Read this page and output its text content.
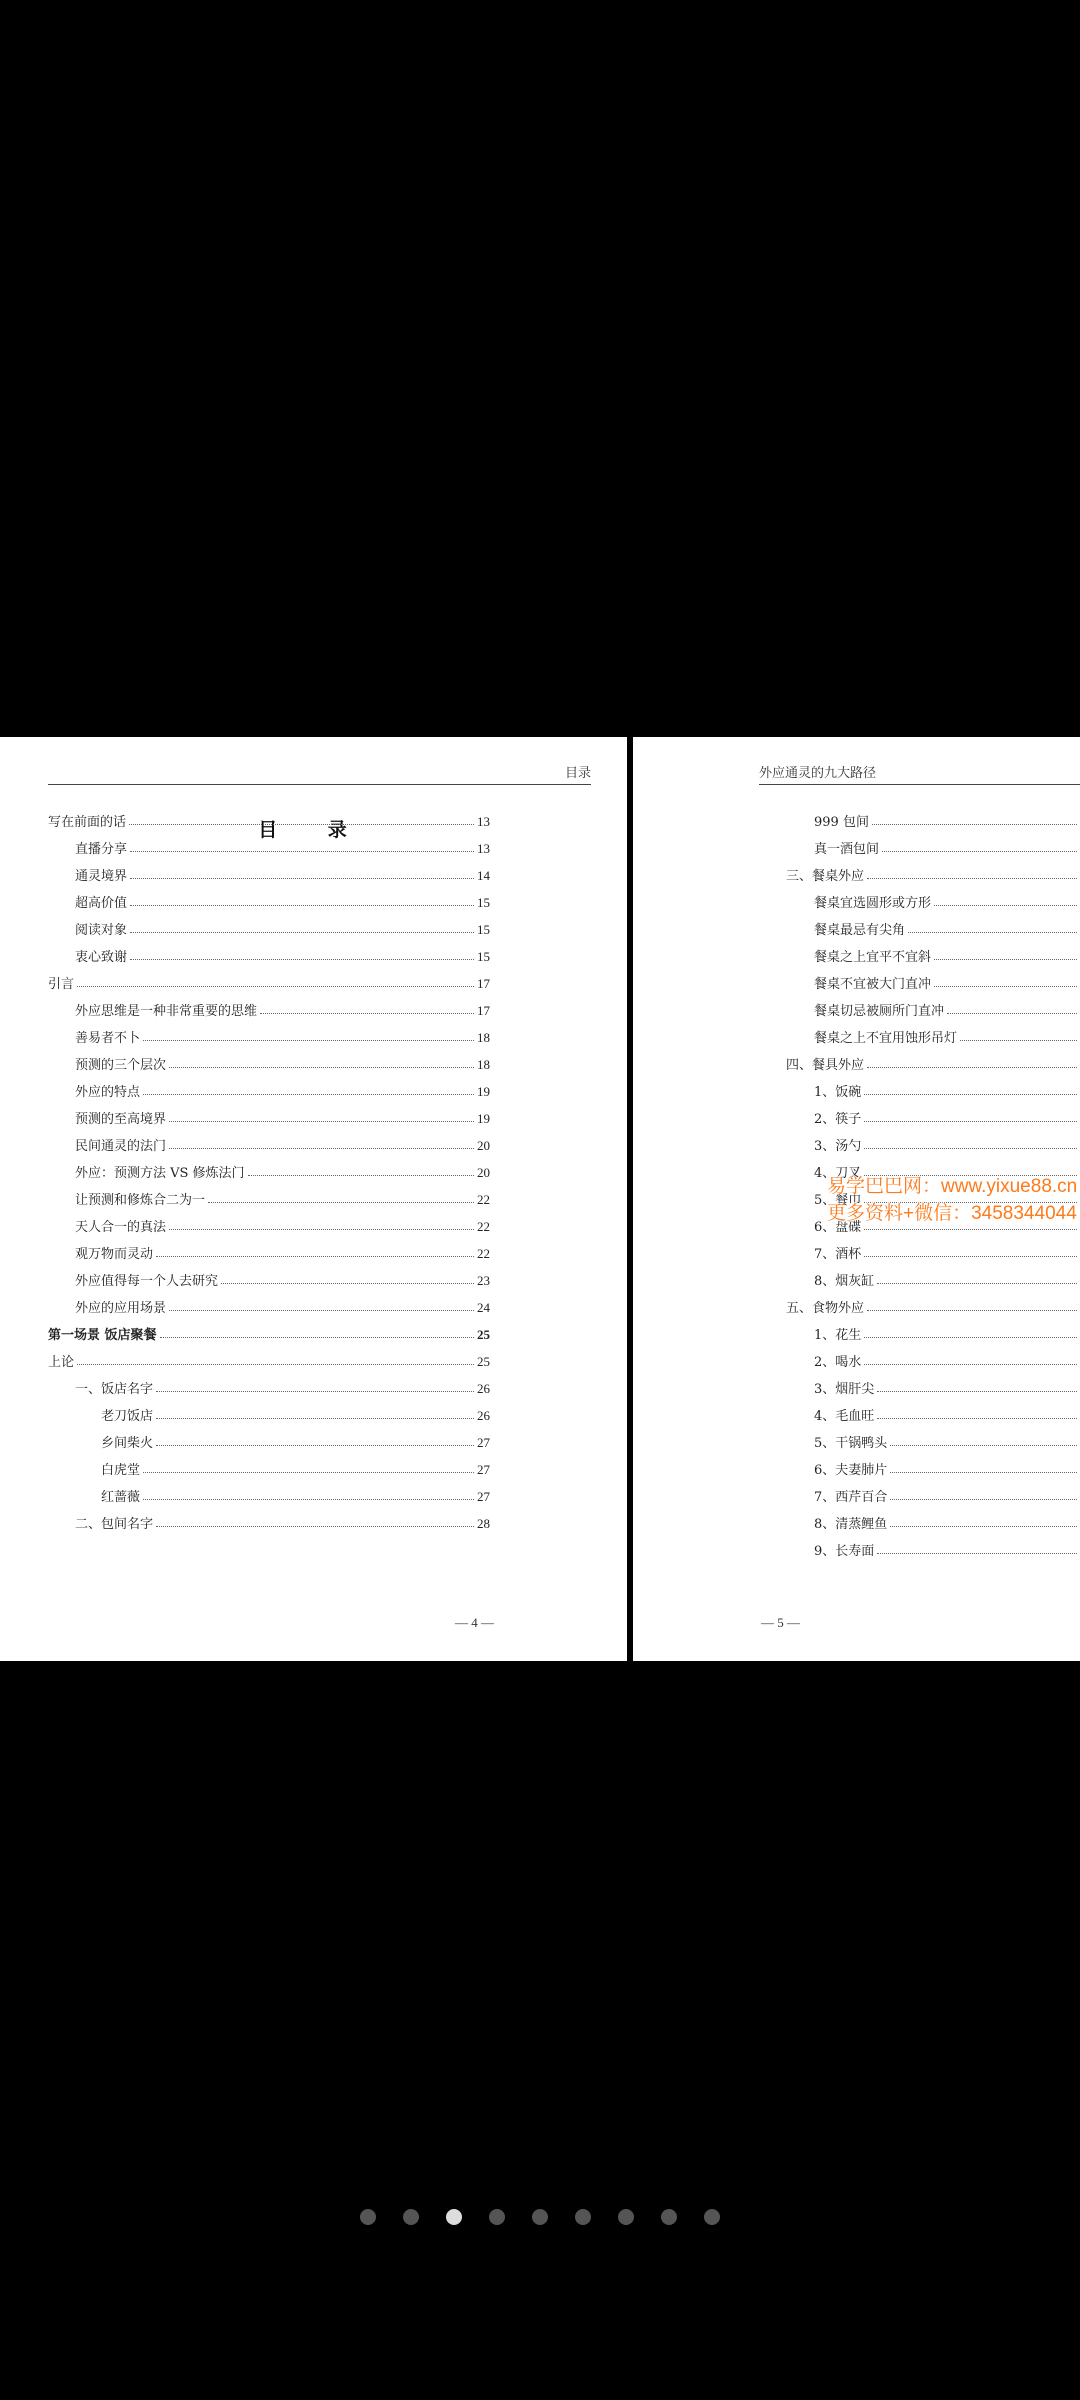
目录
目 录
写在前面的话	13
直播分享	13
通灵境界	14
超高价值	15
阅读对象	15
衷心致谢	15
引言	17
外应思维是一种非常重要的思维	17
善易者不卜	18
预测的三个层次	18
外应的特点	19
预测的至高境界	19
民间通灵的法门	20
外应：预测方法 VS 修炼法门	20
让预测和修炼合二为一	22
天人合一的真法	22
观万物而灵动	22
外应值得每一个人去研究	23
外应的应用场景	24
第一场景 饭店聚餐	25
上论	25
一、饭店名字	26
老刀饭店	26
乡间柴火	27
白虎堂	27
红蔷薇	27
二、包间名字	28
— 4 —
外应通灵的九大路径
999 包间
真一酒包间
三、餐桌外应
餐桌宜选圆形或方形
餐桌最忌有尖角
餐桌之上宜平不宜斜
餐桌不宜被大门直冲
餐桌切忌被厕所门直冲
餐桌之上不宜用蚀形吊灯
四、餐具外应
1、饭碗
2、筷子
3、汤勺
4、刀叉
5、餐巾
6、盘碟
7、酒杯
8、烟灰缸
五、食物外应
1、花生
2、喝水
3、烟肝尖
4、毛血旺
5、干锅鸭头
6、夫妻肺片
7、西芹百合
8、清蒸鲤鱼
9、长寿面
— 5 —
易学巴巴网：www.yixue88.cn
更多资料+微信：3458344044
